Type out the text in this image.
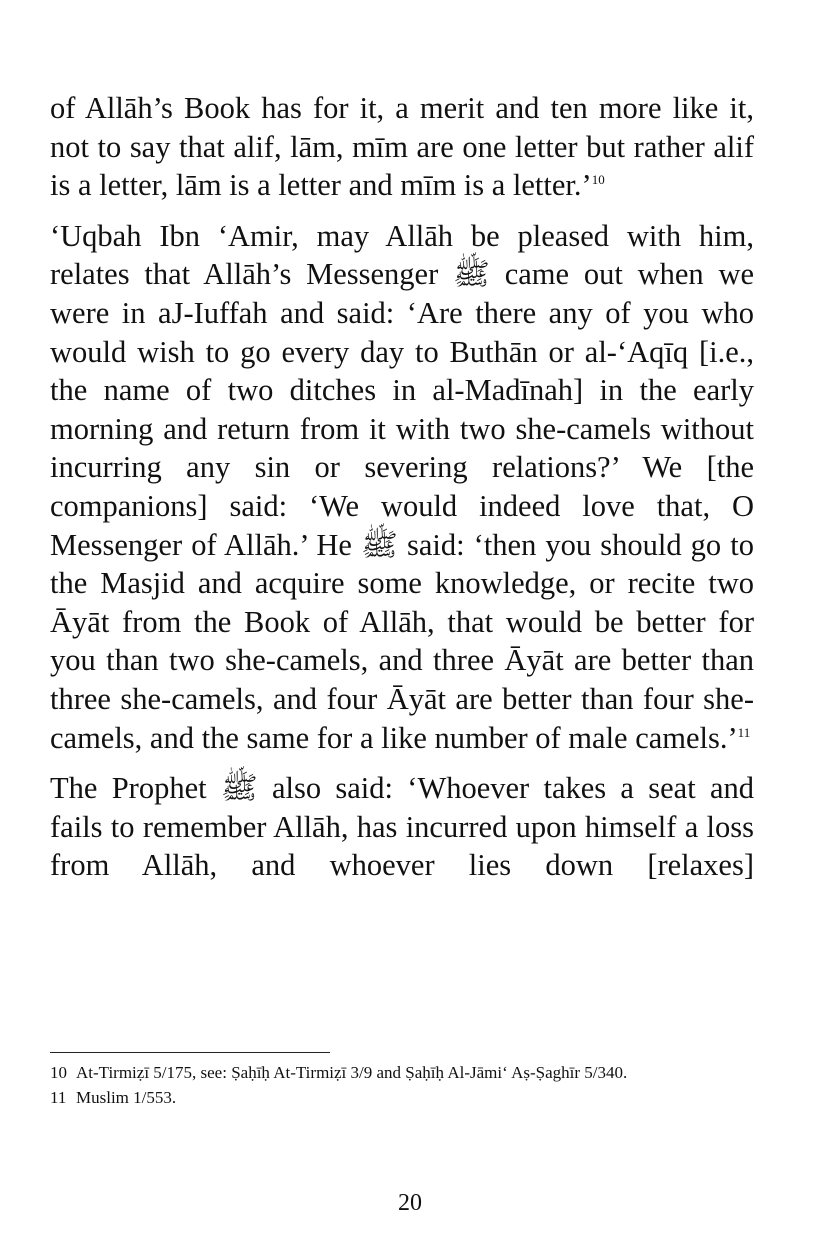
of Allāh’s Book has for it, a merit and ten more like it, not to say that alif, lām, mīm are one letter but rather alif is a letter, lām is a letter and mīm is a letter.’$^{10}$

‘Uqbah Ibn ‘Amir, may Allāh be pleased with him, relates that Allāh’s Messenger ﷺ came out when we were in aJ-Iuffah and said: ‘Are there any of you who would wish to go every day to Buthān or al-‘Aqīq [i.e., the name of two ditches in al-Madīnah] in the early morning and return from it with two she-camels without incurring any sin or severing relations?’ We [the companions] said: ‘We would indeed love that, O Messenger of Allāh.’ He ﷺ said: ‘then you should go to the Masjid and acquire some knowledge, or recite two Āyāt from the Book of Allāh, that would be better for you than two she-camels, and three Āyāt are better than three she-camels, and four Āyāt are better than four she-camels, and the same for a like number of male camels.’$^{11}$

The Prophet ﷺ also said: ‘Whoever takes a seat and fails to remember Allāh, has incurred upon himself a loss from Allāh, and whoever lies down [relaxes]

10 At-Tirmiẓī 5/175, see: Ṣaḥīḥ At-Tirmiẓī 3/9 and Ṣaḥīḥ Al-Jāmi‘ Aṣ-Ṣaghīr 5/340.
11 Muslim 1/553.
20
